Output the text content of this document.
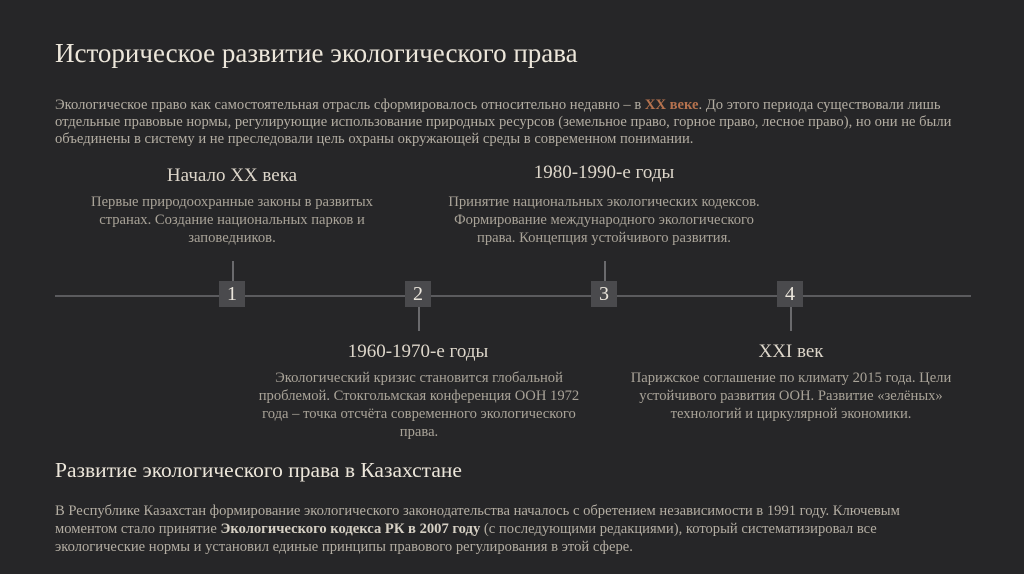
Историческое развитие экологического права
Экологическое право как самостоятельная отрасль сформировалось относительно недавно – в XX веке. До этого периода существовали лишь отдельные правовые нормы, регулирующие использование природных ресурсов (земельное право, горное право, лесное право), но они не были объединены в систему и не преследовали цель охраны окружающей среды в современном понимании.
Начало XX века
Первые природоохранные законы в развитых странах. Создание национальных парков и заповедников.
1	2
1960-1970-е годы
Экологический кризис становится глобальной проблемой. Стокгольмская конференция ООН 1972 года – точка отсчёта современного экологического права.
1980-1990-е годы
Принятие национальных экологических кодексов. Формирование международного экологического права. Концепция устойчивого развития.
3	4
XXI век
Парижское соглашение по климату 2015 года. Цели устойчивого развития ООН. Развитие «зелёных» технологий и циркулярной экономики.
Развитие экологического права в Казахстане
В Республике Казахстан формирование экологического законодательства началось с обретением независимости в 1991 году. Ключевым моментом стало принятие Экологического кодекса РК в 2007 году (с последующими редакциями), который систематизировал все экологические нормы и установил единые принципы правового регулирования в этой сфере.
